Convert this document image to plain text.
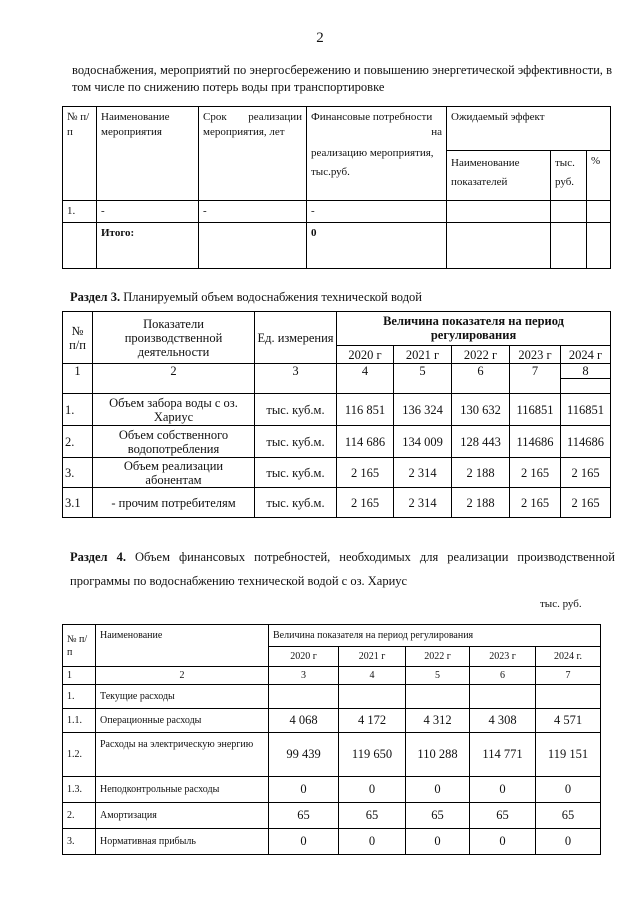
2
водоснабжения, мероприятий по энергосбережению и повышению энергетической эффективности, в том числе по снижению потерь воды при транспортировке
№ п/п	Наименование мероприятия	Срок реализации мероприятия, лет	Финансовые потребности
на
реализацию мероприятия, тыс.руб.	Ожидаемый эффект		
				Наименование показателей	тыс. руб.	%
1.	-	-	-			
	Итого:		0			
Раздел 3. Планируемый объем водоснабжения технической водой
№ п/п	Показатели производственной деятельности	Ед. измерения	Величина показателя на период регулирования				
			2020 г	2021 г	2022 г	2023 г	2024 г
1	2	3	4	5	6	7	8

1.	Объем забора воды с оз. Хариус	тыс. куб.м.	116 851	136 324	130 632	116851	116851
2.	Объем собственного водопотребления	тыс. куб.м.	114 686	134 009	128 443	114686	114686
3.	Объем реализации абонентам	тыс. куб.м.	2 165	2 314	2 188	2 165	2 165
3.1	- прочим потребителям	тыс. куб.м.	2 165	2 314	2 188	2 165	2 165
Раздел 4. Объем финансовых потребностей, необходимых для реализации производственной программы по водоснабжению технической водой с оз. Хариус
тыс. руб.
№ п/п	Наименование	Величина показателя на период регулирования				
		2020 г	2021 г	2022 г	2023 г	2024 г.
1	2	3	4	5	6	7
1.	Текущие расходы					
1.1.	Операционные расходы	4 068	4 172	4 312	4 308	4 571
1.2.	Расходы на электрическую энергию	99 439	119 650	110 288	114 771	119 151
1.3.	Неподконтрольные расходы	0	0	0	0	0
2.	Амортизация	65	65	65	65	65
3.	Нормативная прибыль	0	0	0	0	0
